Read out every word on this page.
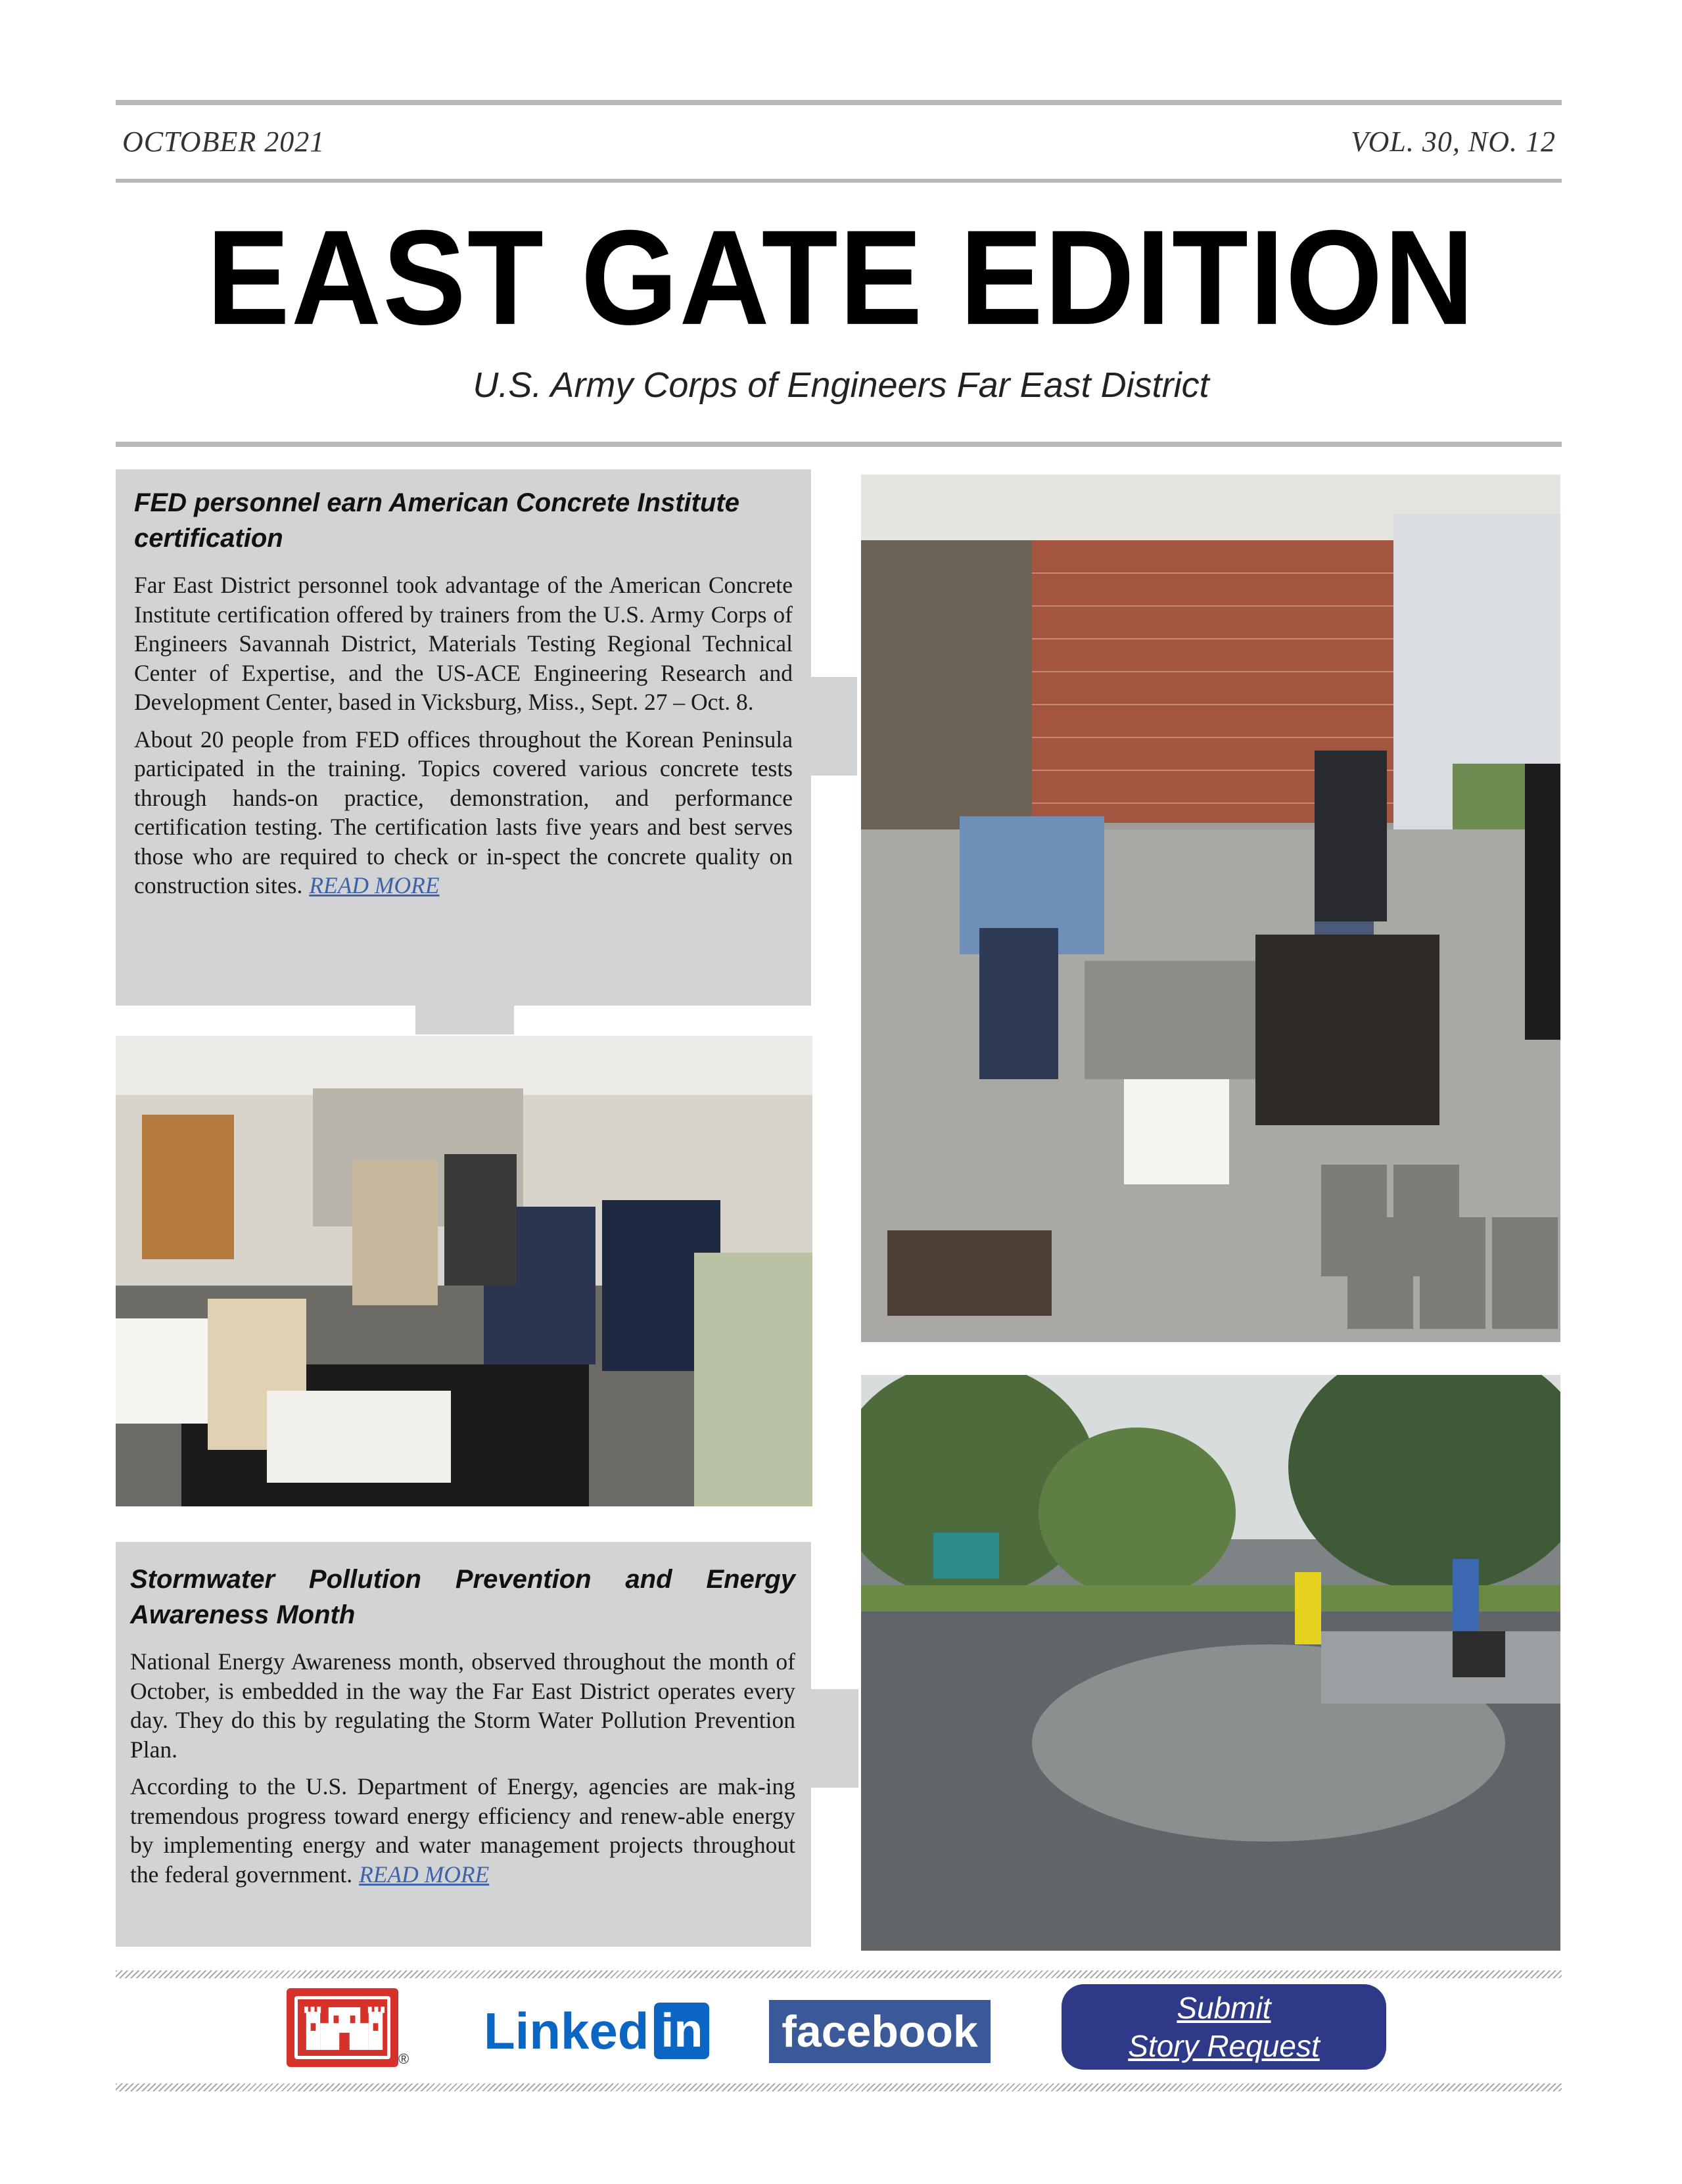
OCTOBER 2021	VOL. 30, NO. 12
EAST GATE EDITION
U.S. Army Corps of Engineers Far East District
FED personnel earn American Concrete Institute certification

Far East District personnel took advantage of the American Concrete Institute certification offered by trainers from the U.S. Army Corps of Engineers Savannah District, Materials Testing Regional Technical Center of Expertise, and the US-ACE Engineering Research and Development Center, based in Vicksburg, Miss., Sept. 27 – Oct. 8.

About 20 people from FED offices throughout the Korean Peninsula participated in the training. Topics covered various concrete tests through hands-on practice, demonstration, and performance certification testing. The certification lasts five years and best serves those who are required to check or in-spect the concrete quality on construction sites. READ MORE

Stormwater Pollution Prevention and Energy Awareness Month

National Energy Awareness month, observed throughout the month of October, is embedded in the way the Far East District operates every day. They do this by regulating the Storm Water Pollution Prevention Plan.

According to the U.S. Department of Energy, agencies are mak-ing tremendous progress toward energy efficiency and renew-able energy by implementing energy and water management projects throughout the federal government. READ MORE

® Linked in facebook	Submit
Story Request
